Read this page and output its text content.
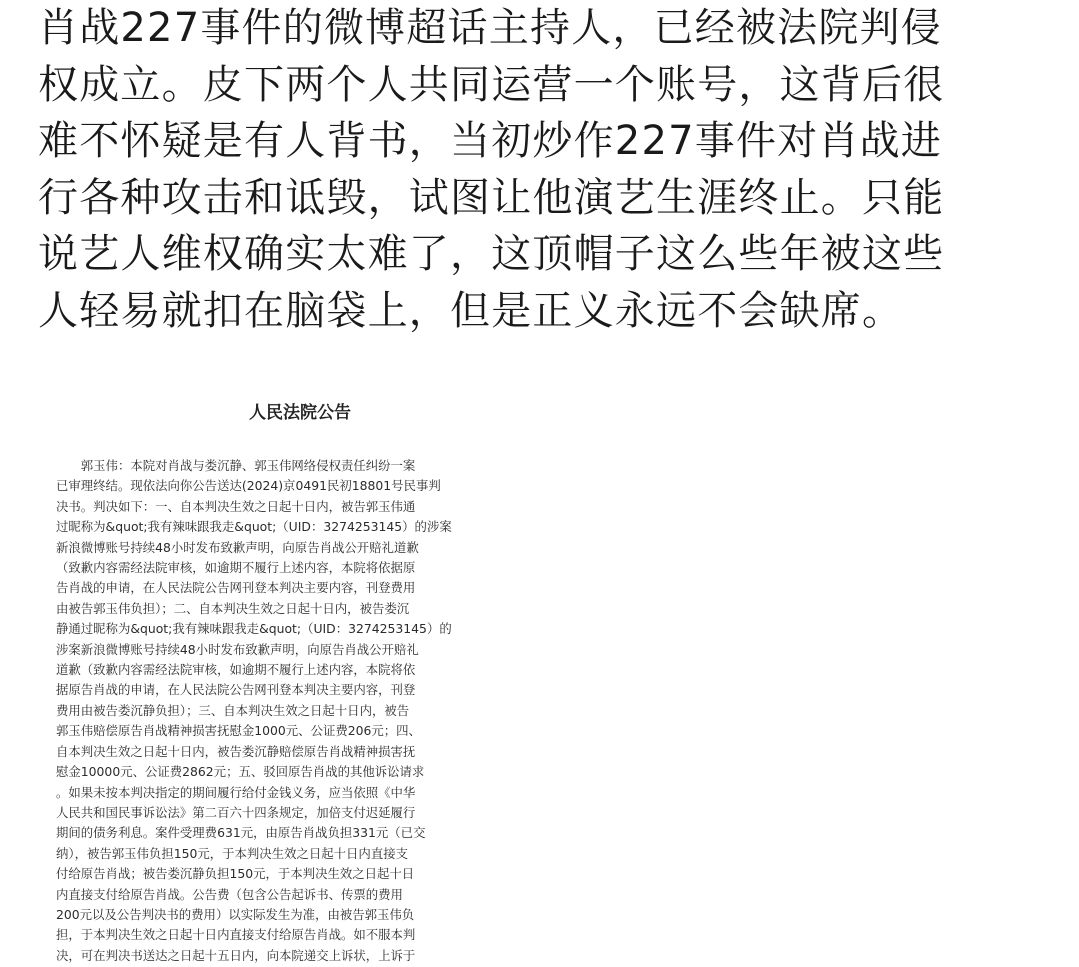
肖战227事件的微博超话主持人，已经被法院判侵
权成立。皮下两个人共同运营一个账号，这背后很
难不怀疑是有人背书，当初炒作227事件对肖战进
行各种攻击和诋毁，试图让他演艺生涯终止。只能
说艺人维权确实太难了，这顶帽子这么些年被这些
人轻易就扣在脑袋上，但是正义永远不会缺席。
人民法院公告
　　郭玉伟：本院对肖战与娄沉静、郭玉伟网络侵权责任纠纷一案
已审理终结。现依法向你公告送达(2024)京0491民初18801号民事判
决书。判决如下：一、自本判决生效之日起十日内，被告郭玉伟通
过昵称为&quot;我有辣味跟我走&quot;（UID：3274253145）的涉案
新浪微博账号持续48小时发布致歉声明，向原告肖战公开赔礼道歉
（致歉内容需经法院审核，如逾期不履行上述内容，本院将依据原
告肖战的申请，在人民法院公告网刊登本判决主要内容，刊登费用
由被告郭玉伟负担）；二、自本判决生效之日起十日内，被告娄沉
静通过昵称为&quot;我有辣味跟我走&quot;（UID：3274253145）的
涉案新浪微博账号持续48小时发布致歉声明，向原告肖战公开赔礼
道歉（致歉内容需经法院审核，如逾期不履行上述内容，本院将依
据原告肖战的申请，在人民法院公告网刊登本判决主要内容，刊登
费用由被告娄沉静负担）；三、自本判决生效之日起十日内，被告
郭玉伟赔偿原告肖战精神损害抚慰金1000元、公证费206元；四、
自本判决生效之日起十日内，被告娄沉静赔偿原告肖战精神损害抚
慰金10000元、公证费2862元；五、驳回原告肖战的其他诉讼请求
。如果未按本判决指定的期间履行给付金钱义务，应当依照《中华
人民共和国民事诉讼法》第二百六十四条规定，加倍支付迟延履行
期间的债务利息。案件受理费631元，由原告肖战负担331元（已交
纳），被告郭玉伟负担150元，于本判决生效之日起十日内直接支
付给原告肖战；被告娄沉静负担150元，于本判决生效之日起十日
内直接支付给原告肖战。公告费（包含公告起诉书、传票的费用
200元以及公告判决书的费用）以实际发生为准，由被告郭玉伟负
担，于本判决生效之日起十日内直接支付给原告肖战。如不服本判
决，可在判决书送达之日起十五日内，向本院递交上诉状，上诉于
